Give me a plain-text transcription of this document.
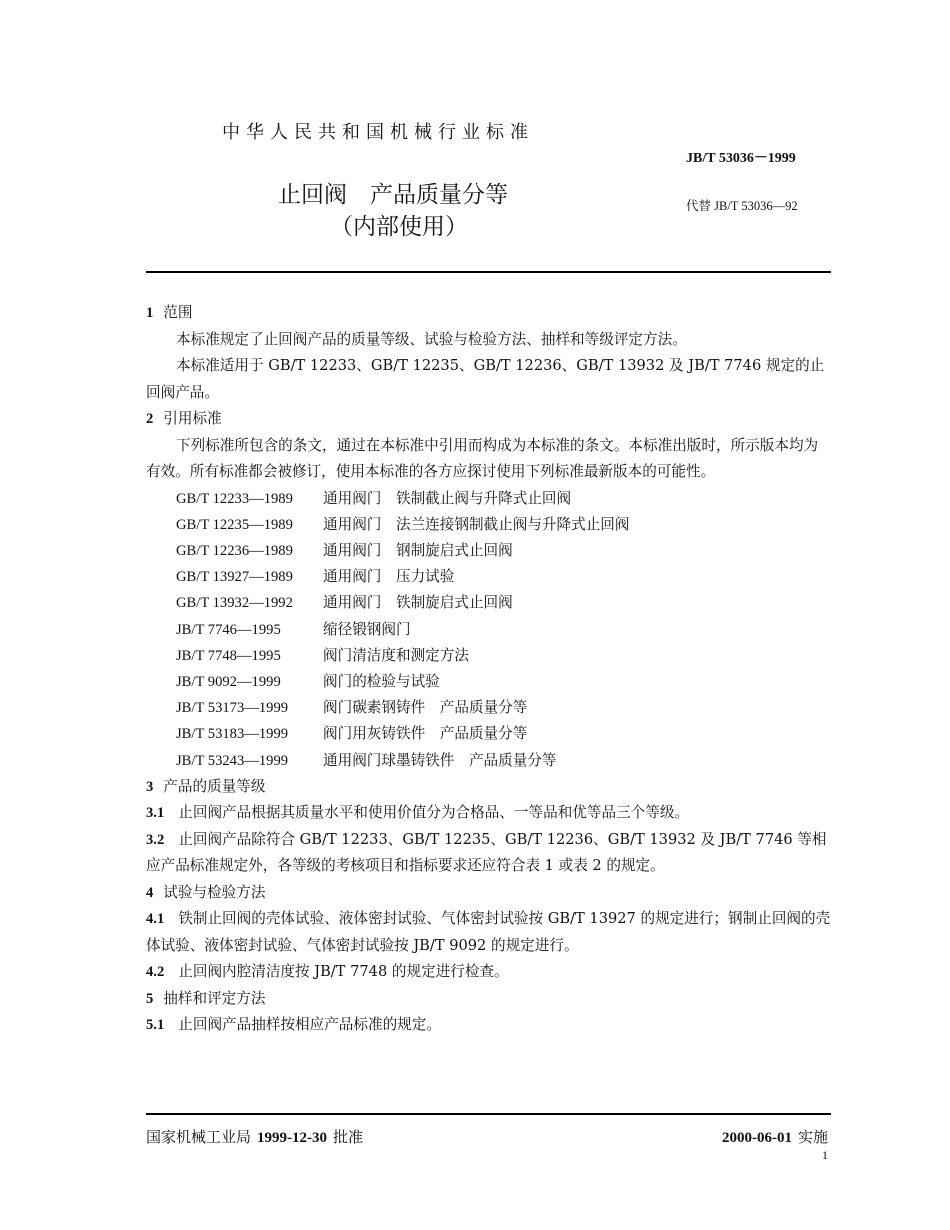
中华人民共和国机械行业标准
JB/T 53036－1999
止回阀　产品质量分等
（内部使用）
代替 JB/T 53036—92

1 范围

本标准规定了止回阀产品的质量等级、试验与检验方法、抽样和等级评定方法。

本标准适用于 GB/T 12233、GB/T 12235、GB/T 12236、GB/T 13932 及 JB/T 7746 规定的止回阀产品。

2 引用标准

下列标准所包含的条文，通过在本标准中引用而构成为本标准的条文。本标准出版时，所示版本均为有效。所有标准都会被修订，使用本标准的各方应探讨使用下列标准最新版本的可能性。

GB/T 12233—1989 通用阀门　铁制截止阀与升降式止回阀

GB/T 12235—1989 通用阀门　法兰连接钢制截止阀与升降式止回阀

GB/T 12236—1989 通用阀门　钢制旋启式止回阀

GB/T 13927—1989 通用阀门　压力试验

GB/T 13932—1992 通用阀门　铁制旋启式止回阀

JB/T 7746—1995	缩径锻钢阀门

JB/T 7748—1995	阀门清洁度和测定方法

JB/T 9092—1999	阀门的检验与试验

JB/T 53173—1999 阀门碳素钢铸件　产品质量分等

JB/T 53183—1999 阀门用灰铸铁件　产品质量分等

JB/T 53243—1999 通用阀门球墨铸铁件　产品质量分等

3 产品的质量等级

3.1 止回阀产品根据其质量水平和使用价值分为合格品、一等品和优等品三个等级。

3.2 止回阀产品除符合 GB/T 12233、GB/T 12235、GB/T 12236、GB/T 13932 及 JB/T 7746 等相应产品标准规定外，各等级的考核项目和指标要求还应符合表 1 或表 2 的规定。

4 试验与检验方法

4.1 铁制止回阀的壳体试验、液体密封试验、气体密封试验按 GB/T 13927 的规定进行；钢制止回阀的壳体试验、液体密封试验、气体密封试验按 JB/T 9092 的规定进行。

4.2 止回阀内腔清洁度按 JB/T 7748 的规定进行检查。

5 抽样和评定方法

5.1 止回阀产品抽样按相应产品标准的规定。

国家机械工业局 1999-12-30 批准	2000-06-01 实施
1
